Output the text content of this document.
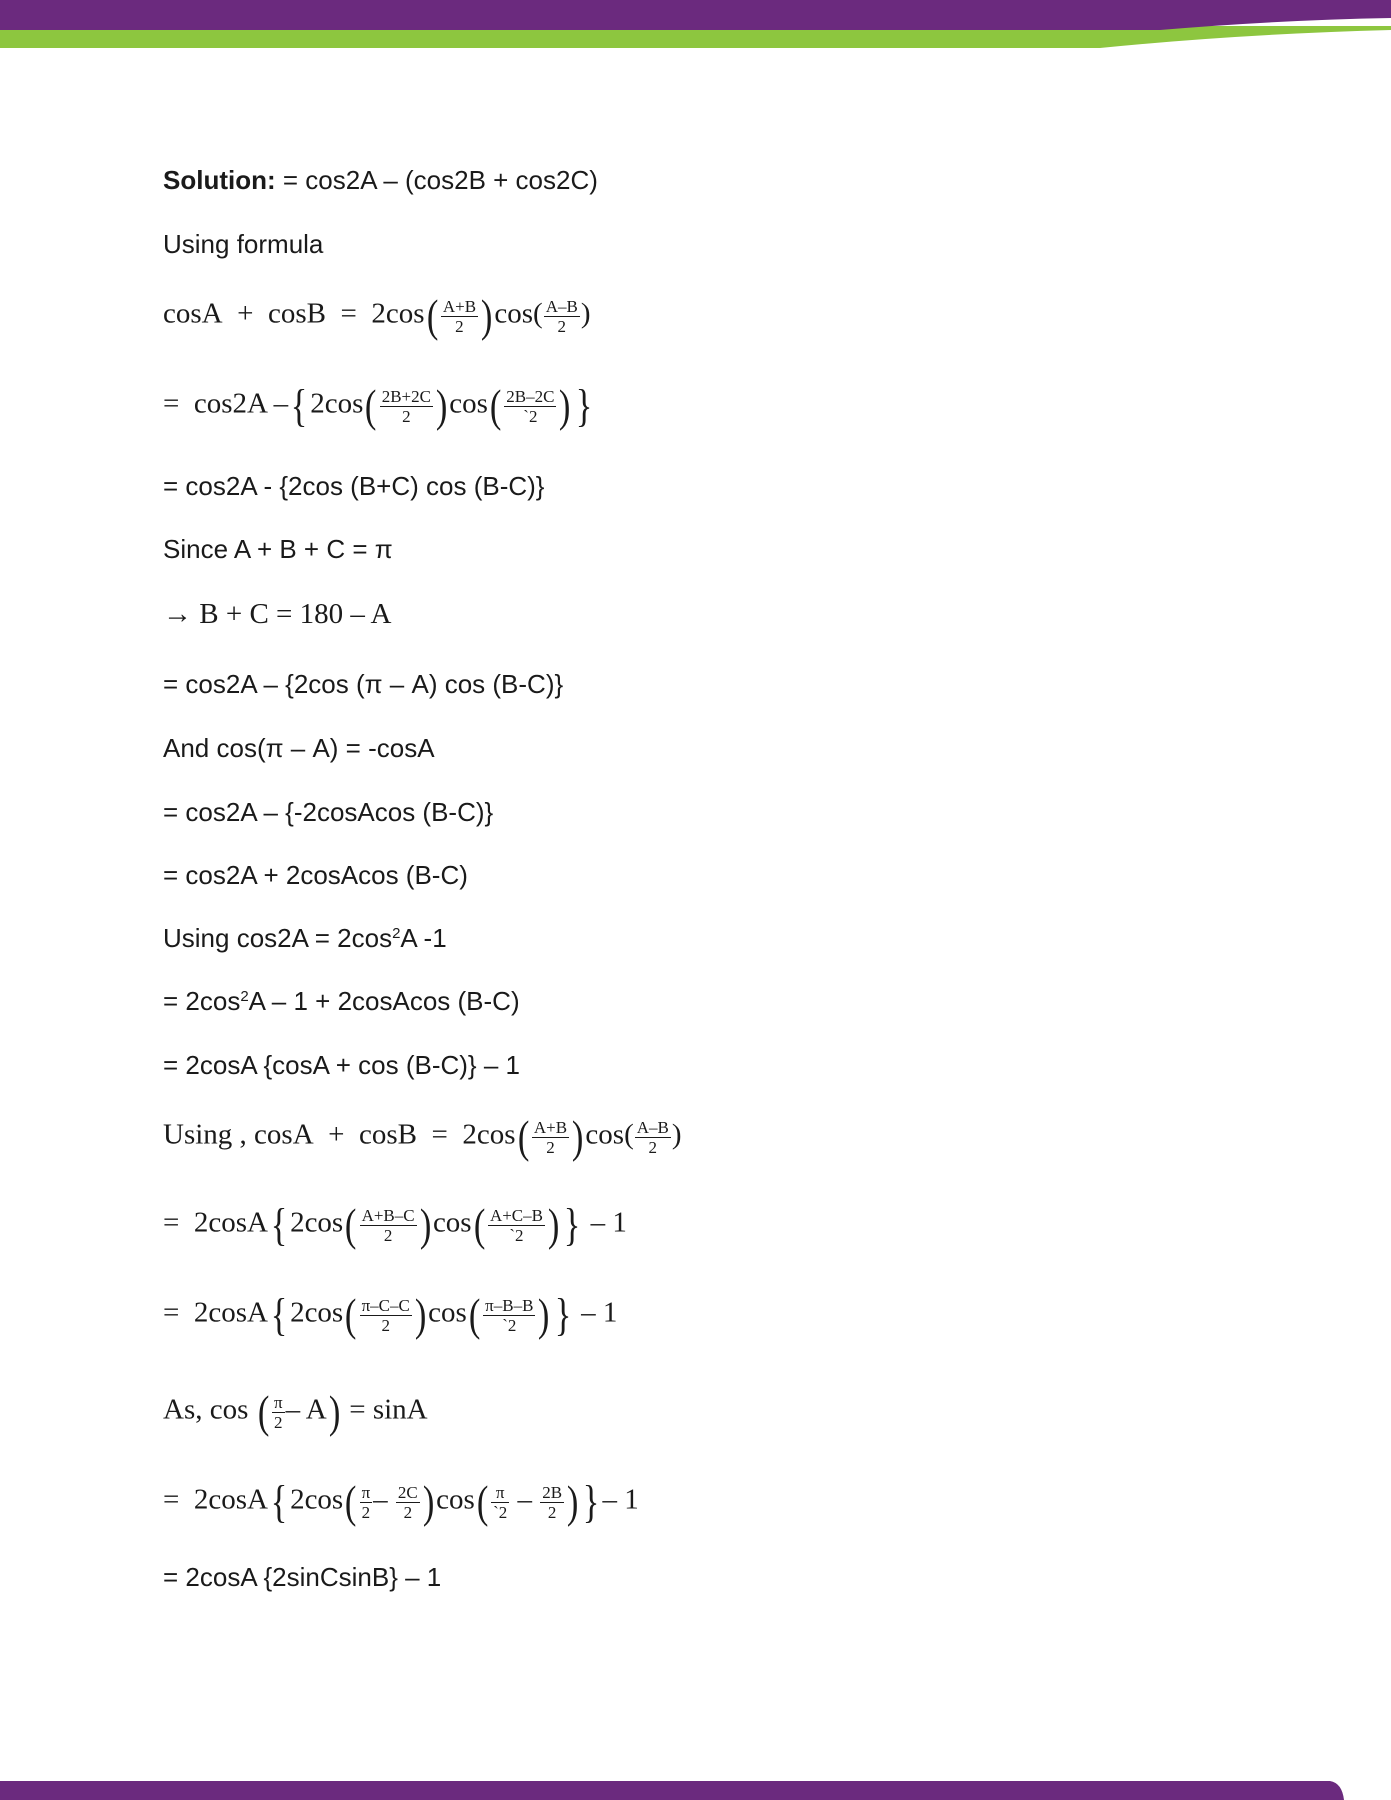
Solution: = cos2A – (cos2B + cos2C)
Using formula
$\cos A + \cos B = 2\cos( \frac{A+B}{2} )\cos( \frac{A-B}{2}$ )
= cos2A $-\{2\cos( \frac{2B+2C}{2} )\cos( \frac{2B-2C}{`2}$ ) }
= cos2A - {2cos (B+C) cos (B-C)}
Since A + B + C = π
→ B + C = 180 – A
= cos2A – {2cos (π – A) cos (B-C)}
And cos(π – A) = -cosA
= cos2A – {-2cosAcos (B-C)}
= cos2A + 2cosAcos (B-C)
Using $\cos 2A = 2\cos^2A$ -1
= $2\cos^2A - 1$ + 2cosAcos (B-C)
= 2cosA {cosA + cos (B-C)} – 1
Using , $\cos A + \cos B = 2\cos( \frac{A+B}{2} )\cos( \frac{A-B}{2}$ )
= $2\cos A\{2\cos( \frac{A+B-C}{2} )\cos( \frac{A+C-B}{`2}$ ) } – 1
= $2\cos A\{2\cos( \frac{\pi-C-C}{2} )\cos( \frac{\pi-B-B}{`2}$ ) } – 1
As, cos ( $\frac{\pi}{2} - A) = \sin A$
= $2\cos A\{2\cos( \frac{\pi}{2} - \frac{2C}{2} )\cos( \frac{\pi}{`2} - \frac{2B}{2}$ ) }– 1
= 2cosA {2sinCsinB} – 1
